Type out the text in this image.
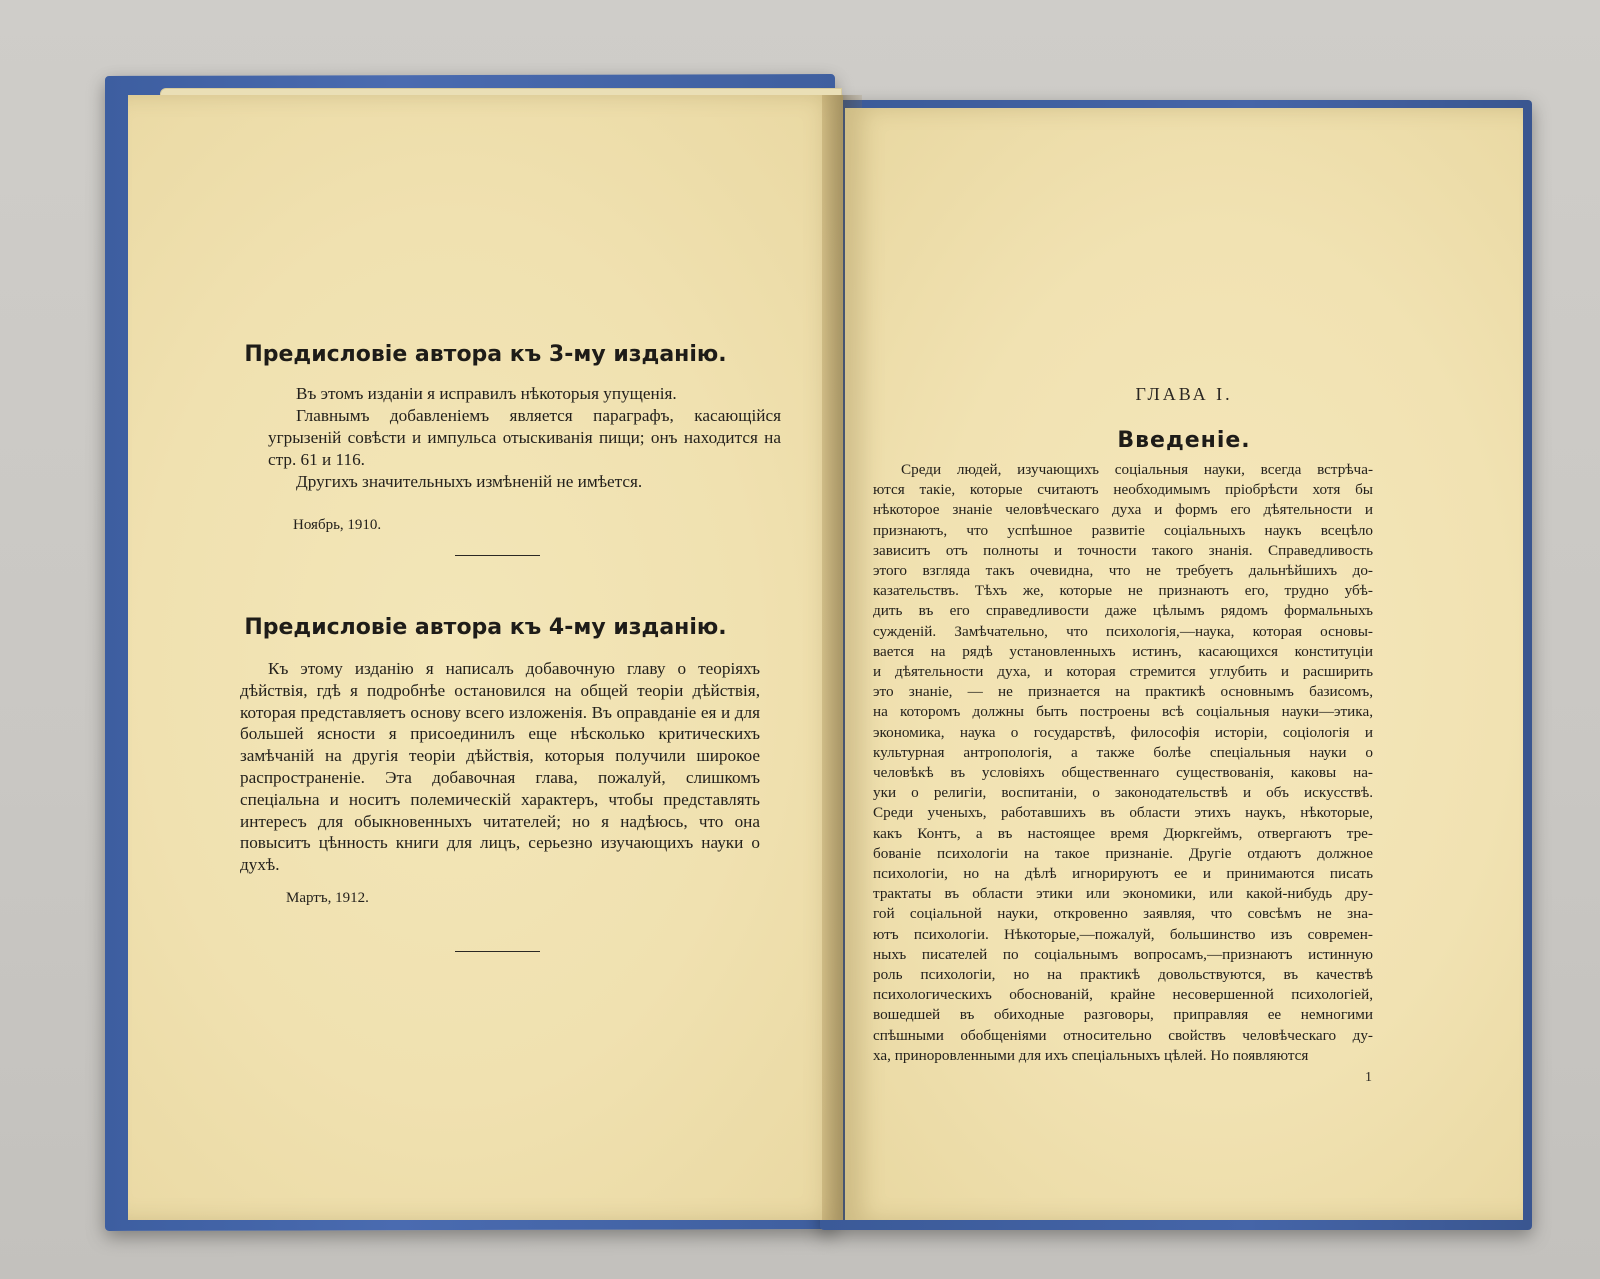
Предисловіе автора къ 3-му изданію.

Въ этомъ изданіи я исправилъ нѣкоторыя упущенія.

Главнымъ добавленіемъ является параграфъ, касающійся угрызеній совѣсти и импульса отыскиванія пищи; онъ находится на стр. 61 и 116.

Другихъ значительныхъ измѣненій не имѣется.

Ноябрь, 1910.
Предисловіе автора къ 4-му изданію.

Къ этому изданію я написалъ добавочную главу о теоріяхъ дѣйствія, гдѣ я подробнѣе остановился на общей теоріи дѣйствія, которая представляетъ основу всего изложенія. Въ оправданіе ея и для большей ясности я присоединилъ еще нѣсколько критическихъ замѣчаній на другія теоріи дѣйствія, которыя получили широкое распространеніе. Эта добавочная глава, пожалуй, слишкомъ спеціальна и носитъ полемическій характеръ, чтобы представлять интересъ для обыкновенныхъ читателей; но я надѣюсь, что она повыситъ цѣнность книги для лицъ, серьезно изучающихъ науки о духѣ.

Мартъ, 1912.
ГЛАВА I.
Введеніе.

Среди людей, изучающихъ соціальныя науки, всегда встрѣча-

ются такіе, которые считаютъ необходимымъ пріобрѣсти хотя бы

нѣкоторое знаніе человѣческаго духа и формъ его дѣятельности и

признаютъ, что успѣшное развитіе соціальныхъ наукъ всецѣло

зависитъ отъ полноты и точности такого знанія. Справедливость

этого взгляда такъ очевидна, что не требуетъ дальнѣйшихъ до-

казательствъ. Тѣхъ же, которые не признаютъ его, трудно убѣ-

дить въ его справедливости даже цѣлымъ рядомъ формальныхъ

сужденій. Замѣчательно, что психологія,—наука, которая основы-

вается на рядѣ установленныхъ истинъ, касающихся конституціи

и дѣятельности духа, и которая стремится углубить и расширить

это знаніе, — не признается на практикѣ основнымъ базисомъ,

на которомъ должны быть построены всѣ соціальныя науки—этика,

экономика, наука о государствѣ, философія исторіи, соціологія и

культурная антропологія, а также болѣе спеціальныя науки о

человѣкѣ въ условіяхъ общественнаго существованія, каковы на-

уки о религіи, воспитаніи, о законодательствѣ и объ искусствѣ.

Среди ученыхъ, работавшихъ въ области этихъ наукъ, нѣкоторые,

какъ Контъ, а въ настоящее время Дюркгеймъ, отвергаютъ тре-

бованіе психологіи на такое признаніе. Другіе отдаютъ должное

психологіи, но на дѣлѣ игнорируютъ ее и принимаются писать

трактаты въ области этики или экономики, или какой-нибудь дру-

гой соціальной науки, откровенно заявляя, что совсѣмъ не зна-

ютъ психологіи. Нѣкоторые,—пожалуй, большинство изъ современ-

ныхъ писателей по соціальнымъ вопросамъ,—признаютъ истинную

роль психологіи, но на практикѣ довольствуются, въ качествѣ

психологическихъ обоснованій, крайне несовершенной психологіей,

вошедшей въ обиходные разговоры, приправляя ее немногими

спѣшными обобщеніями относительно свойствъ человѣческаго ду-

ха, приноровленными для ихъ спеціальныхъ цѣлей. Но появляются

1
